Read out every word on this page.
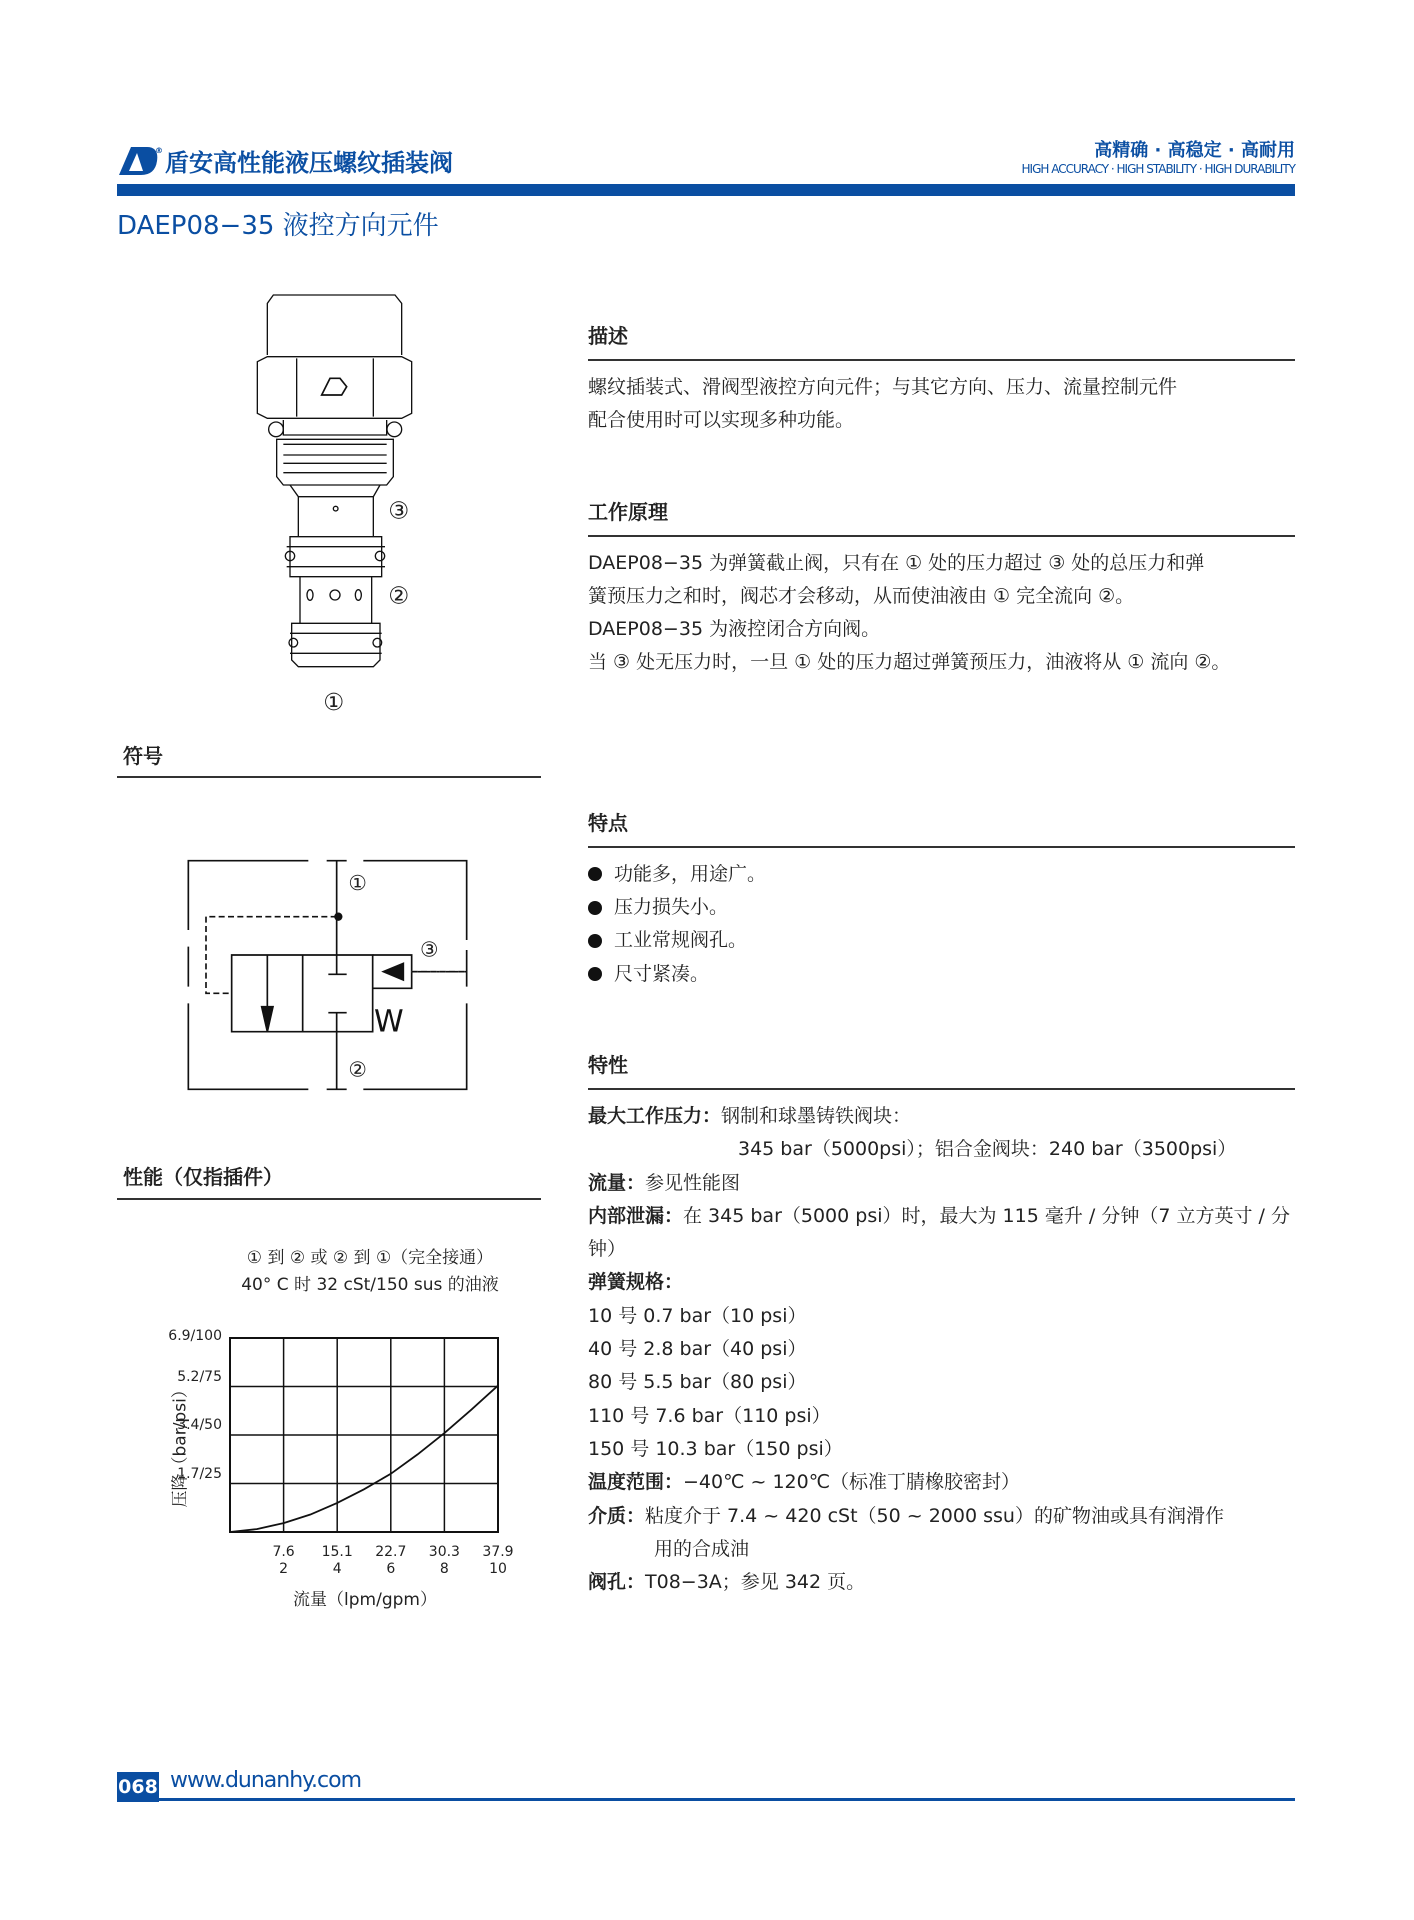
® 盾安高性能液压螺纹插装阀	高精确 · 高稳定 · 高耐用
HIGH ACCURACY · HIGH STABILITY · HIGH DURABILITY
DAEP08−35 液控方向元件
③
②
①
符号
W
①
③
②
性能（仅指插件）
① 到 ② 或 ② 到 ①（完全接通）
40° C 时 32 cSt/150 sus 的油液
压降（bar/psi）
流量（lpm/gpm）
6.9/100
5.2/75
3.4/50
1.7/25
7.6
2
15.1
4
22.7
6
30.3
8
37.9
10
描述
螺纹插装式、滑阀型液控方向元件；与其它方向、压力、流量控制元件
配合使用时可以实现多种功能。
工作原理
DAEP08−35 为弹簧截止阀，只有在 ① 处的压力超过 ③ 处的总压力和弹
簧预压力之和时，阀芯才会移动，从而使油液由 ① 完全流向 ②。
DAEP08−35 为液控闭合方向阀。
当 ③ 处无压力时，一旦 ① 处的压力超过弹簧预压力，油液将从 ① 流向 ②。
特点
功能多，用途广。
压力损失小。
工业常规阀孔。
尺寸紧凑。
特性
最大工作压力：钢制和球墨铸铁阀块：
345 bar（5000psi）；铝合金阀块：240 bar（3500psi）
流量：参见性能图
内部泄漏：在 345 bar（5000 psi）时，最大为 115 毫升 / 分钟（7 立方英寸 / 分钟）
弹簧规格：
10 号 0.7 bar（10 psi）
40 号 2.8 bar（40 psi）
80 号 5.5 bar（80 psi）
110 号 7.6 bar（110 psi）
150 号 10.3 bar（150 psi）
温度范围：−40℃ ~ 120℃（标准丁腈橡胶密封）
介质：粘度介于 7.4 ~ 420 cSt（50 ~ 2000 ssu）的矿物油或具有润滑作
用的合成油
阀孔：T08−3A；参见 342 页。
068 www.dunanhy.com
